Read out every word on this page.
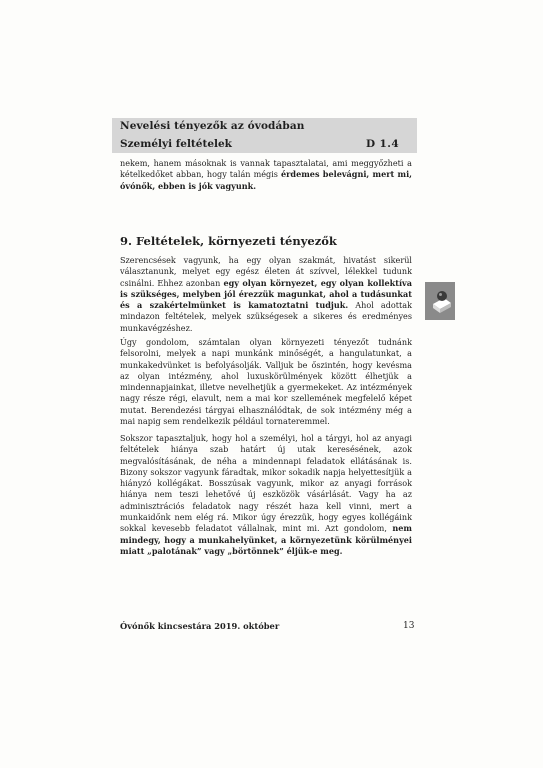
Nevelési tényezők az óvodában
Személyi feltételek	D 1.4

nekem, hanem másoknak is vannak tapasztalatai, ami meggyőzheti a kételkedőket abban, hogy talán mégis érdemes belevágni, mert mi, óvónők, ebben is jók vagyunk.

9. Feltételek, környezeti tényezők

Szerencsések vagyunk, ha egy olyan szakmát, hivatást sikerül választanunk, melyet egy egész életen át szívvel, lélekkel tudunk csinálni. Ehhez azonban egy olyan környezet, egy olyan kollektíva is szükséges, melyben jól érezzük magunkat, ahol a tudásunkat és a szakértelmünket is kamatoztatni tudjuk. Ahol adottak mindazon feltételek, melyek szükségesek a sikeres és eredményes munkavégzéshez.

Úgy gondolom, számtalan olyan környezeti tényezőt tudnánk felsorolni, melyek a napi munkánk minőségét, a hangulatunkat, a munkakedvünket is befolyásolják. Valljuk be őszintén, hogy kevésma az olyan intézmény, ahol luxuskörülmények között élhetjük a mindennapjainkat, illetve nevelhetjük a gyermekeket. Az intézmények nagy része régi, elavult, nem a mai kor szellemének megfelelő képet mutat. Berendezési tárgyai elhasználódtak, de sok intézmény még a mai napig sem rendelkezik például tornateremmel.

Sokszor tapasztaljuk, hogy hol a személyi, hol a tárgyi, hol az anyagi feltételek hiánya szab határt új utak keresésének, azok megvalósításának, de néha a mindennapi feladatok ellátásának is. Bizony sokszor vagyunk fáradtak, mikor sokadik napja helyettesítjük a hiányzó kollégákat. Bosszúsak vagyunk, mikor az anyagi források hiánya nem teszi lehetővé új eszközök vásárlását. Vagy ha az adminisztrációs feladatok nagy részét haza kell vinni, mert a munkaidőnk nem elég rá. Mikor úgy érezzük, hogy egyes kollégáink sokkal kevesebb feladatot vállalnak, mint mi. Azt gondolom, nem mindegy, hogy a munkahelyünket, a környezetünk körülményei miatt „palotának” vagy „börtönnek” éljük-e meg.

Óvónők kincsestára 2019. október	13
